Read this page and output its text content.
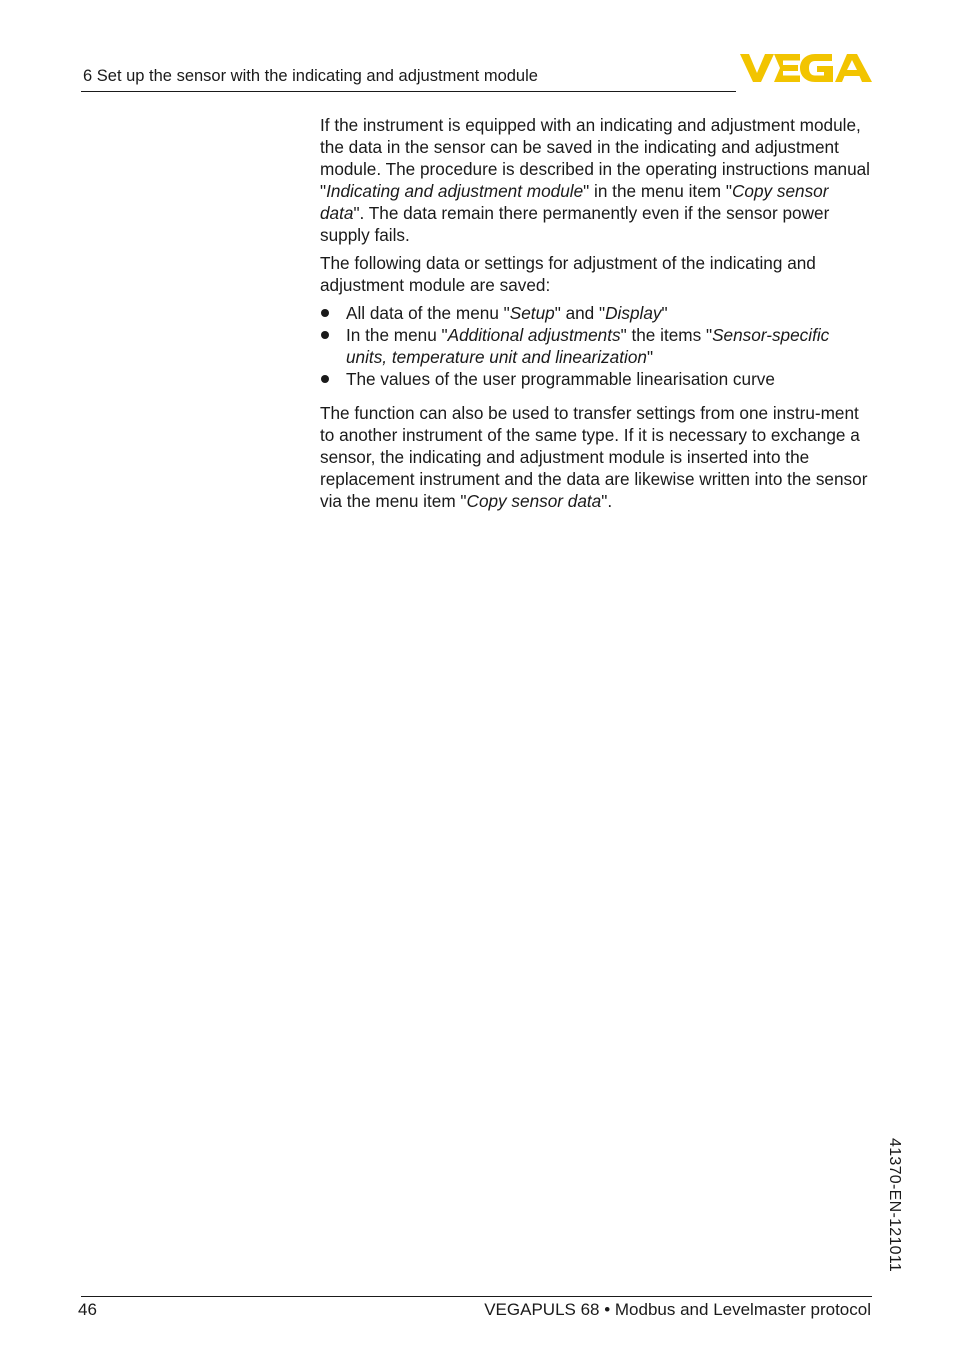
6 Set up the sensor with the indicating and adjustment module

If the instrument is equipped with an indicating and adjustment module, the data in the sensor can be saved in the indicating and adjustment module. The procedure is described in the operating instructions manual "Indicating and adjustment module" in the menu item "Copy sensor data". The data remain there permanently even if the sensor power supply fails.

The following data or settings for adjustment of the indicating and adjustment module are saved:

All data of the menu "Setup" and "Display"
In the menu "Additional adjustments" the items "Sensor-specific units, temperature unit and linearization"
The values of the user programmable linearisation curve

The function can also be used to transfer settings from one instru-ment to another instrument of the same type. If it is necessary to exchange a sensor, the indicating and adjustment module is inserted into the replacement instrument and the data are likewise written into the sensor via the menu item "Copy sensor data".

41370-EN-121011
46	VEGAPULS 68 • Modbus and Levelmaster protocol
